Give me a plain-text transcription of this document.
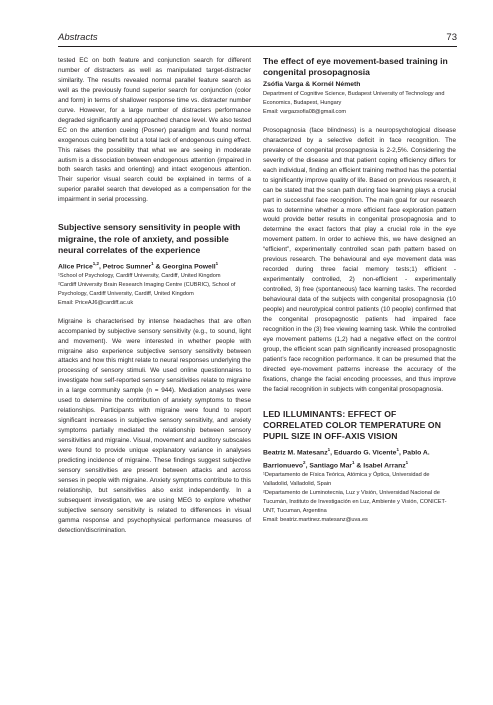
Abstracts	73

tested EC on both feature and conjunction search for different number of distracters as well as manipulated target-distracter similarity. The results revealed normal parallel feature search as well as the previously found superior search for conjunction (color and form) in terms of shallower response time vs. distracter number curve. However, for a large number of distracters performance degraded significantly and approached chance level. We also tested EC on the attention cueing (Posner) paradigm and found normal exogenous cuing benefit but a total lack of endogenous cuing effect. This raises the possibility that what we are seeing in moderate autism is a dissociation between endogenous attention (impaired in both search tasks and orienting) and intact exogenous attention. Their superior visual search could be explained in terms of a superior parallel search that developed as a compensation for the impairment in serial processing.

Subjective sensory sensitivity in people with migraine, the role of anxiety, and possible neural correlates of the experience

Alice Price$^{1,2}$, Petroc Sumner$^1$ & Georgina Powell$^1$

¹School of Psychology, Cardiff University, Cardiff, United Kingdom

²Cardiff University Brain Research Imaging Centre (CUBRIC), School of Psychology, Cardiff University, Cardiff, United Kingdom

Email: PriceAJ6@cardiff.ac.uk

Migraine is characterised by intense headaches that are often accompanied by subjective sensory sensitivity (e.g., to sound, light and movement). We were interested in whether people with migraine also experience subjective sensory sensitivity between attacks and how this might relate to neural responses underlying the processing of sensory stimuli. We used online questionnaires to investigate how self-reported sensory sensitivities relate to migraine in a large community sample (n = 944). Mediation analyses were used to determine the contribution of anxiety symptoms to these relationships. Participants with migraine were found to report significant increases in subjective sensory sensitivity, and anxiety symptoms partially mediated the relationship between sensory sensitivities and migraine. Visual, movement and auditory subscales were found to provide unique explanatory variance in analyses predicting incidence of migraine. These findings suggest subjective sensory sensitivities are present between attacks and across senses in people with migraine. Anxiety symptoms contribute to this relationship, but sensitivities also exist independently. In a subsequent investigation, we are using MEG to explore whether subjective sensory sensitivity is related to differences in visual gamma response and psychophysical performance measures of detection/discrimination.

The effect of eye movement-based training in congenital prosopagnosia

Zsófia Varga & Kornél Németh

Department of Cognitive Science, Budapest University of Technology and Economics, Budapest, Hungary

Email: vargazsofia08@gmail.com

Prosopagnosia (face blindness) is a neuropsychological disease characterized by a selective deficit in face recognition. The prevalence of congenital prosopagnosia is 2-2,5%. Considering the severity of the disease and that patient coping efficiency differs for each individual, finding an efficient training method has the potential to significantly improve quality of life. Based on previous research, it can be stated that the scan path during face learning plays a crucial part in successful face recognition. The main goal for our research was to determine whether a more efficient face exploration pattern would provide better results in congenital prosopagnosia and to determine the exact factors that play a crucial role in the eye movement pattern. In order to achieve this, we have designed an “efficient”, experimentally controlled scan path pattern based on previous research. The behavioural and eye movement data was recorded during three facial memory tests;1) efficient - experimentally controlled, 2) non-efficient - experimentally controlled, 3) free (spontaneous) face learning tasks. The recorded behavioural data of the subjects with congenital prosopagnosia (10 people) and neurotypical control patients (10 people) confirmed that the congenital prosopagnostic patients had impaired face recognition in the (3) free viewing learning task. While the controlled eye movement patterns (1,2) had a negative effect on the control group, the efficient scan path significantly increased prosopagnostic patient’s face recognition performance. It can be presumed that the directed eye-movement patterns increase the accuracy of the fixations, change the facial encoding processes, and thus improve the facial recognition in subjects with congenital prosopagnosia.

LED ILLUMINANTS: EFFECT OF CORRELATED COLOR TEMPERATURE ON PUPIL SIZE IN OFF-AXIS VISION

Beatriz M. Matesanz$^1$, Eduardo G. Vicente$^1$, Pablo A. Barrionuevo$^2$, Santiago Mar$^1$ & Isabel Arranz$^1$

¹Departamento de Física Teórica, Atómica y Óptica, Universidad de Valladolid, Valladolid, Spain

²Departamento de Luminotecnia, Luz y Visión, Universidad Nacional de Tucumán, Instituto de Investigación en Luz, Ambiente y Visión, CONICET-UNT, Tucuman, Argentina

Email: beatriz.martinez.matesanz@uva.es
